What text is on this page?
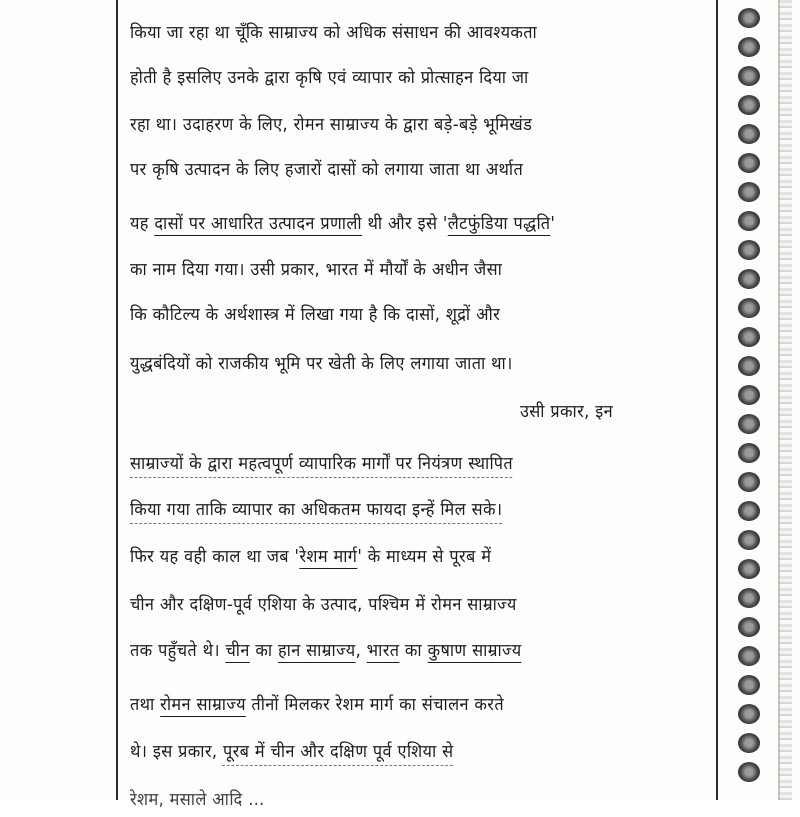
किया जा रहा था चूँकि साम्राज्य को अधिक संसाधन की आवश्यकता
होती है इसलिए उनके द्वारा कृषि एवं व्यापार को प्रोत्साहन दिया जा
रहा था। उदाहरण के लिए, रोमन साम्राज्य के द्वारा बड़े-बड़े भूमिखंड
पर कृषि उत्पादन के लिए हजारों दासों को लगाया जाता था अर्थात
यह दासों पर आधारित उत्पादन प्रणाली थी और इसे 'लैटफुंडिया पद्धति'
का नाम दिया गया। उसी प्रकार, भारत में मौर्यों के अधीन जैसा
कि कौटिल्य के अर्थशास्त्र में लिखा गया है कि दासों, शूद्रों और
युद्धबंदियों को राजकीय भूमि पर खेती के लिए लगाया जाता था।
उसी प्रकार, इन
साम्राज्यों के द्वारा महत्वपूर्ण व्यापारिक मार्गों पर नियंत्रण स्थापित
किया गया ताकि व्यापार का अधिकतम फायदा इन्हें मिल सके।
फिर यह वही काल था जब 'रेशम मार्ग' के माध्यम से पूरब में
चीन और दक्षिण-पूर्व एशिया के उत्पाद, पश्चिम में रोमन साम्राज्य
तक पहुँचते थे। चीन का हान साम्राज्य, भारत का कुषाण साम्राज्य
तथा रोमन साम्राज्य तीनों मिलकर रेशम मार्ग का संचालन करते
थे। इस प्रकार, पूरब में चीन और दक्षिण पूर्व एशिया से
रेशम, मसाले आदि …
